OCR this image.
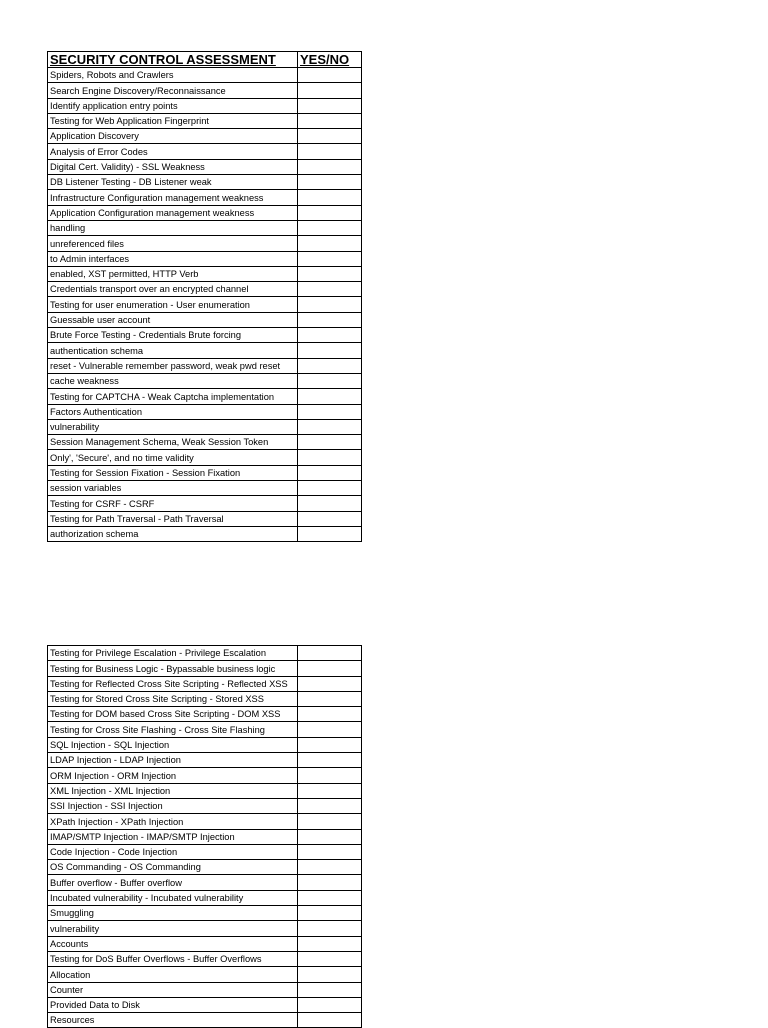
SECURITY CONTROL ASSESSMENT	YES/NO
Spiders, Robots and Crawlers	
Search Engine Discovery/Reconnaissance	
Identify application entry points	
Testing for Web Application Fingerprint	
Application Discovery	
Analysis of Error Codes	
Digital Cert. Validity) - SSL Weakness	
DB Listener Testing - DB Listener weak	
Infrastructure Configuration management weakness	
Application Configuration management weakness	
handling	
unreferenced files	
to Admin interfaces	
enabled, XST permitted, HTTP Verb	
Credentials transport over an encrypted channel	
Testing for user enumeration - User enumeration	
Guessable user account	
Brute Force Testing - Credentials Brute forcing	
authentication schema	
reset - Vulnerable remember password, weak pwd reset	
cache weakness	
Testing for CAPTCHA - Weak Captcha implementation	
Factors Authentication	
vulnerability	
Session Management Schema, Weak Session Token	
Only', 'Secure', and no time validity	
Testing for Session Fixation - Session Fixation	
session variables	
Testing for CSRF - CSRF	
Testing for Path Traversal - Path Traversal	
authorization schema	
Testing for Privilege Escalation - Privilege Escalation	
Testing for Business Logic - Bypassable business logic	
Testing for Reflected Cross Site Scripting - Reflected XSS	
Testing for Stored Cross Site Scripting - Stored XSS	
Testing for DOM based Cross Site Scripting - DOM XSS	
Testing for Cross Site Flashing - Cross Site Flashing	
SQL Injection - SQL Injection	
LDAP Injection - LDAP Injection	
ORM Injection - ORM Injection	
XML Injection - XML Injection	
SSI Injection - SSI Injection	
XPath Injection - XPath Injection	
IMAP/SMTP Injection - IMAP/SMTP Injection	
Code Injection - Code Injection	
OS Commanding - OS Commanding	
Buffer overflow - Buffer overflow	
Incubated vulnerability - Incubated vulnerability	
Smuggling	
vulnerability	
Accounts	
Testing for DoS Buffer Overflows - Buffer Overflows	
Allocation	
Counter	
Provided Data to Disk	
Resources	
